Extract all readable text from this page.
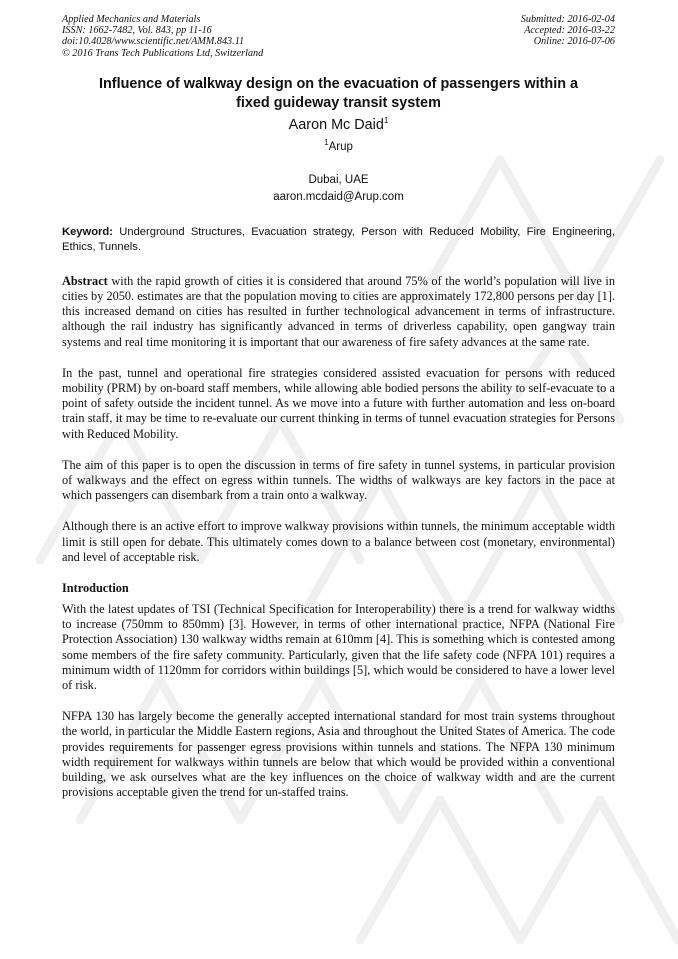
Applied Mechanics and Materials
ISSN: 1662-7482, Vol. 843, pp 11-16
doi:10.4028/www.scientific.net/AMM.843.11
© 2016 Trans Tech Publications Ltd, Switzerland
Submitted: 2016-02-04
Accepted: 2016-03-22
Online: 2016-07-06
Influence of walkway design on the evacuation of passengers within a
fixed guideway transit system
Aaron Mc Daid$^1$
$^1$Arup
Dubai, UAE
aaron.mcdaid@Arup.com
Keyword: Underground Structures, Evacuation strategy, Person with Reduced Mobility, Fire Engineering, Ethics, Tunnels.

Abstract with the rapid growth of cities it is considered that around 75% of the world’s population will live in cities by 2050. estimates are that the population moving to cities are approximately 172,800 persons per day [1]. this increased demand on cities has resulted in further technological advancement in terms of infrastructure. although the rail industry has significantly advanced in terms of driverless capability, open gangway train systems and real time monitoring it is important that our awareness of fire safety advances at the same rate.

In the past, tunnel and operational fire strategies considered assisted evacuation for persons with reduced mobility (PRM) by on-board staff members, while allowing able bodied persons the ability to self-evacuate to a point of safety outside the incident tunnel. As we move into a future with further automation and less on-board train staff, it may be time to re-evaluate our current thinking in terms of tunnel evacuation strategies for Persons with Reduced Mobility.

The aim of this paper is to open the discussion in terms of fire safety in tunnel systems, in particular provision of walkways and the effect on egress within tunnels. The widths of walkways are key factors in the pace at which passengers can disembark from a train onto a walkway.

Although there is an active effort to improve walkway provisions within tunnels, the minimum acceptable width limit is still open for debate. This ultimately comes down to a balance between cost (monetary, environmental) and level of acceptable risk.

Introduction

With the latest updates of TSI (Technical Specification for Interoperability) there is a trend for walkway widths to increase (750mm to 850mm) [3]. However, in terms of other international practice, NFPA (National Fire Protection Association) 130 walkway widths remain at 610mm [4]. This is something which is contested among some members of the fire safety community. Particularly, given that the life safety code (NFPA 101) requires a minimum width of 1120mm for corridors within buildings [5], which would be considered to have a lower level of risk.

NFPA 130 has largely become the generally accepted international standard for most train systems throughout the world, in particular the Middle Eastern regions, Asia and throughout the United States of America. The code provides requirements for passenger egress provisions within tunnels and stations. The NFPA 130 minimum width requirement for walkways within tunnels are below that which would be provided within a conventional building, we ask ourselves what are the key influences on the choice of walkway width and are the current provisions acceptable given the trend for un-staffed trains.
